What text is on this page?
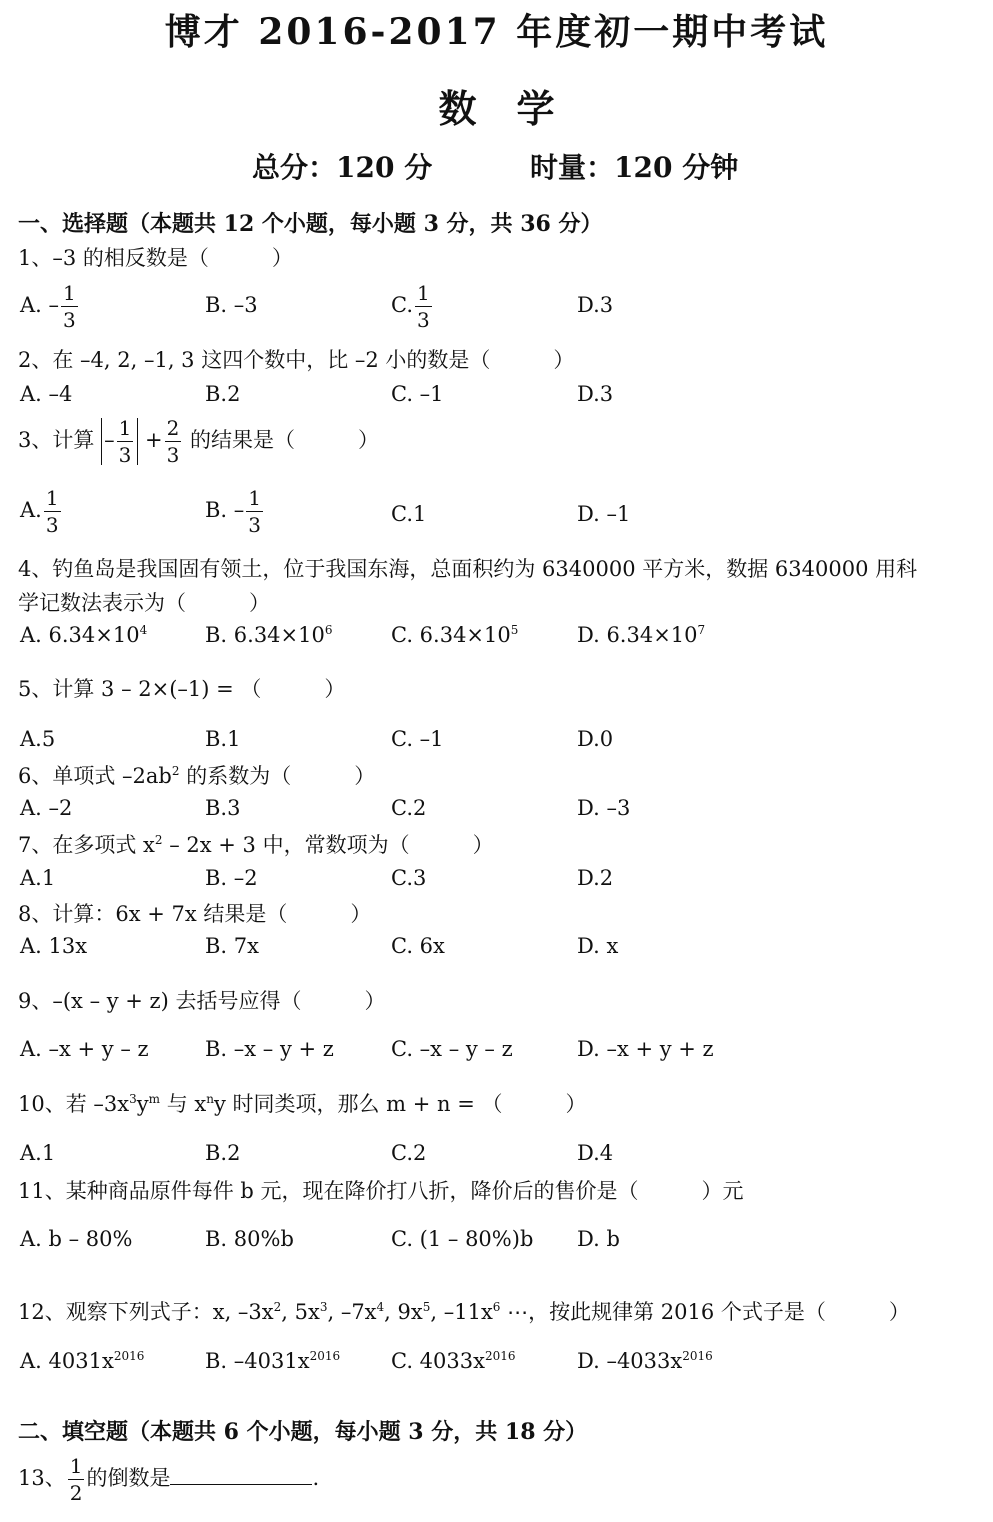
博才 2016-2017 年度初一期中考试
数学
总分：120 分	时量：120 分钟
一、选择题（本题共 12 个小题，每小题 3 分，共 36 分）
1、–3 的相反数是（　　　）
A. – $\frac{1}{3}$	B. –3	C. $\frac{1}{3}$	D.3
2、在 –4, 2, –1, 3 这四个数中，比 –2 小的数是（　　　）
A. –4	B.2	C. –1	D.3
3、计算 – $\frac{1}{3} + \frac{2}{3}$ 的结果是（　　　）
A. $\frac{1}{3}$	B. – $\frac{1}{3}$	C.1	D. –1
4、钓鱼岛是我国固有领土，位于我国东海，总面积约为 6340000 平方米，数据 6340000 用科
学记数法表示为（　　　）
A. $6.34\times 10^4$	B. $6.34\times 10^6$	C. $6.34\times 10^5$	D. $6.34\times 10^7$
5、计算 3 – 2×(–1) = （　　　）
A.5	B.1	C. –1	D.0
6、单项式 $-2ab^2$ 的系数为（　　　）
A. –2	B.3	C.2	D. –3
7、在多项式 $x^2 - 2x + 3$ 中，常数项为（　　　）
A.1	B. –2	C.3	D.2
8、计算：6x + 7x 结果是（　　　）
A. 13x	B. 7x	C. 6x	D. x
9、–(x – y + z) 去括号应得（　　　）
A. –x + y – z	B. –x – y + z	C. –x – y – z	D. –x + y + z
10、若 $-3x^3y^m$ 与 $x^ny$ 时同类项，那么 m + n = （　　　）
A.1	B.2	C.2	D.4
11、某种商品原件每件 b 元，现在降价打八折，降价后的售价是（　　　）元
A. b – 80%	B. 80%b	C. (1 – 80%)b D. b
12、观察下列式子：x, $-3x^2$, $5x^3$, $-7x^4$, $9x^5$, $-11x^6$ ⋯，按此规律第 2016 个式子是（　　　）
A. $4031x^{2016}$	B. $-4031x^{2016}$ C. $4033x^{2016}$	D. $-4033x^{2016}$
二、填空题（本题共 6 个小题，每小题 3 分，共 18 分）
13、 $\frac{1}{2}$ 的倒数是	.
